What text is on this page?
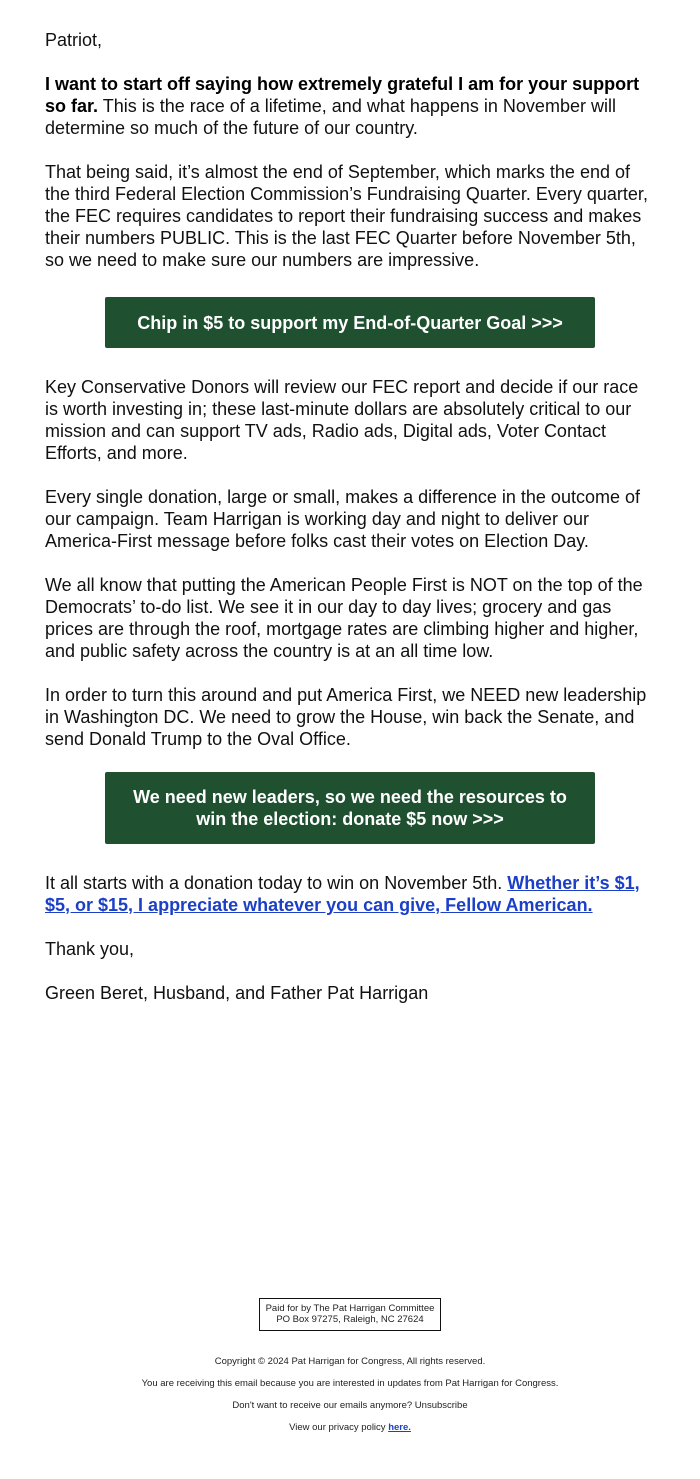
Patriot,

I want to start off saying how extremely grateful I am for your support so far. This is the race of a lifetime, and what happens in November will determine so much of the future of our country.

That being said, it’s almost the end of September, which marks the end of the third Federal Election Commission’s Fundraising Quarter. Every quarter, the FEC requires candidates to report their fundraising success and makes their numbers PUBLIC. This is the last FEC Quarter before November 5th, so we need to make sure our numbers are impressive.

Chip in $5 to support my End-of-Quarter Goal >>>

Key Conservative Donors will review our FEC report and decide if our race is worth investing in; these last-minute dollars are absolutely critical to our mission and can support TV ads, Radio ads, Digital ads, Voter Contact Efforts, and more.

Every single donation, large or small, makes a difference in the outcome of our campaign. Team Harrigan is working day and night to deliver our America-First message before folks cast their votes on Election Day.

We all know that putting the American People First is NOT on the top of the Democrats’ to-do list. We see it in our day to day lives; grocery and gas prices are through the roof, mortgage rates are climbing higher and higher, and public safety across the country is at an all time low.

In order to turn this around and put America First, we NEED new leadership in Washington DC. We need to grow the House, win back the Senate, and send Donald Trump to the Oval Office.

We need new leaders, so we need the resources to win the election: donate $5 now >>>

It all starts with a donation today to win on November 5th. Whether it’s $1, $5, or $15, I appreciate whatever you can give, Fellow American.

Thank you,

Green Beret, Husband, and Father Pat Harrigan

Paid for by The Pat Harrigan Committee
PO Box 97275, Raleigh, NC 27624
Copyright © 2024 Pat Harrigan for Congress, All rights reserved.
You are receiving this email because you are interested in updates from Pat Harrigan for Congress.
Don't want to receive our emails anymore? Unsubscribe
View our privacy policy here.
